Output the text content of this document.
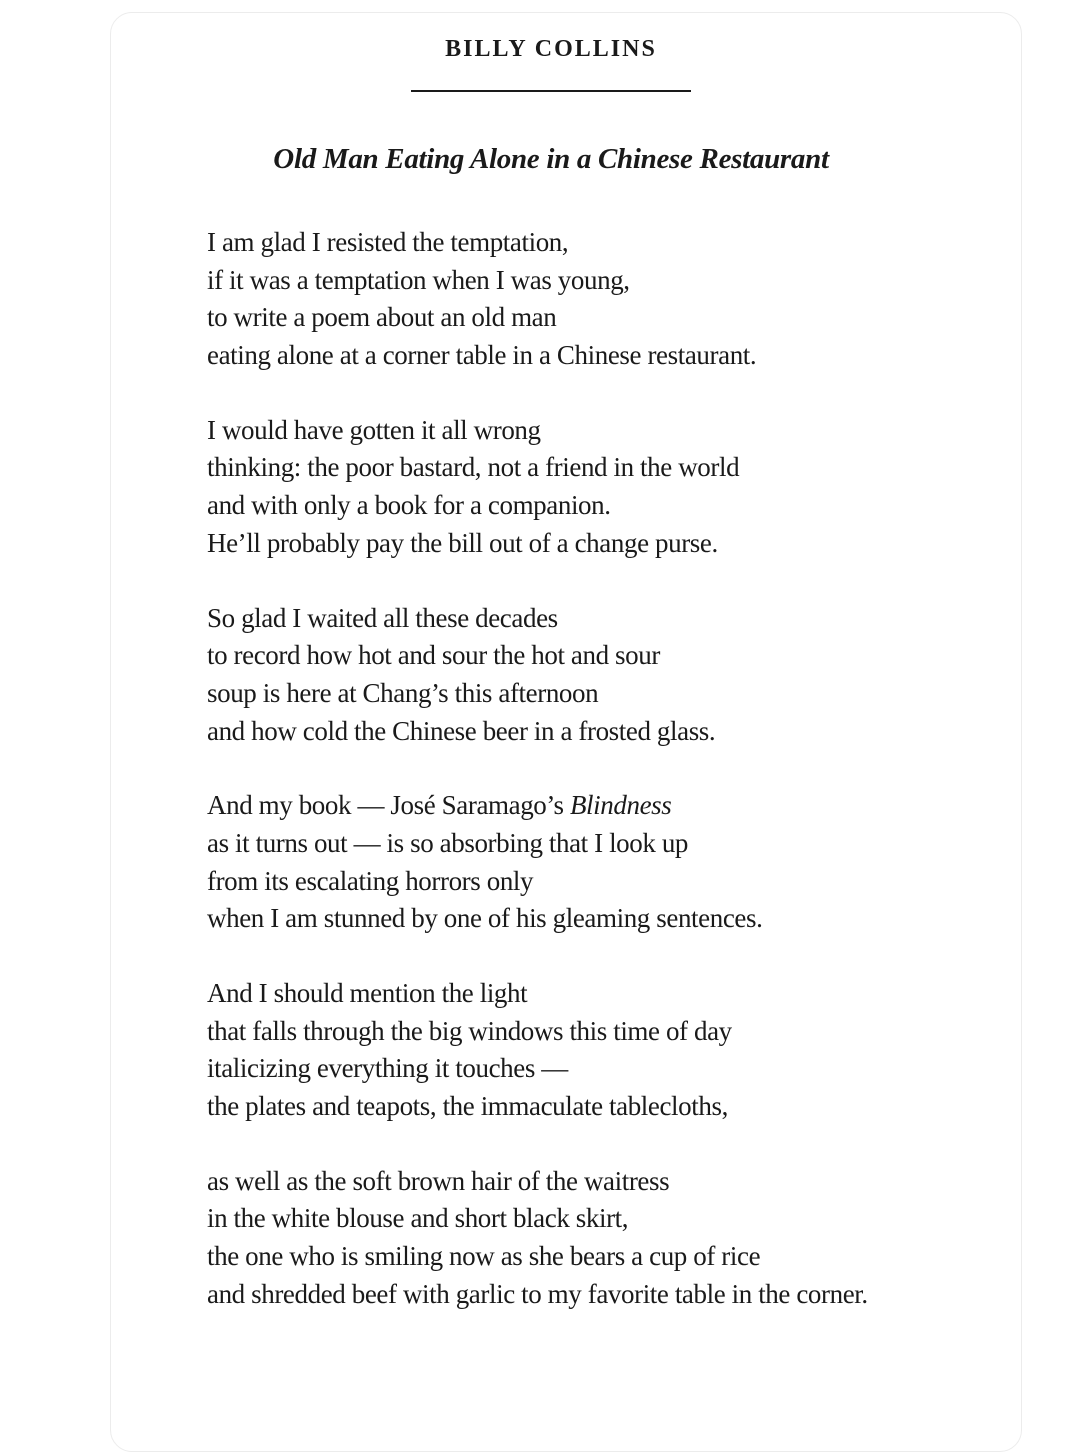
BILLY COLLINS
Old Man Eating Alone in a Chinese Restaurant
I am glad I resisted the temptation,
if it was a temptation when I was young,
to write a poem about an old man
eating alone at a corner table in a Chinese restaurant.
I would have gotten it all wrong
thinking: the poor bastard, not a friend in the world
and with only a book for a companion.
He’ll probably pay the bill out of a change purse.
So glad I waited all these decades
to record how hot and sour the hot and sour
soup is here at Chang’s this afternoon
and how cold the Chinese beer in a frosted glass.
And my book — José Saramago’s Blindness
as it turns out — is so absorbing that I look up
from its escalating horrors only
when I am stunned by one of his gleaming sentences.
And I should mention the light
that falls through the big windows this time of day
italicizing everything it touches —
the plates and teapots, the immaculate tablecloths,
as well as the soft brown hair of the waitress
in the white blouse and short black skirt,
the one who is smiling now as she bears a cup of rice
and shredded beef with garlic to my favorite table in the corner.
